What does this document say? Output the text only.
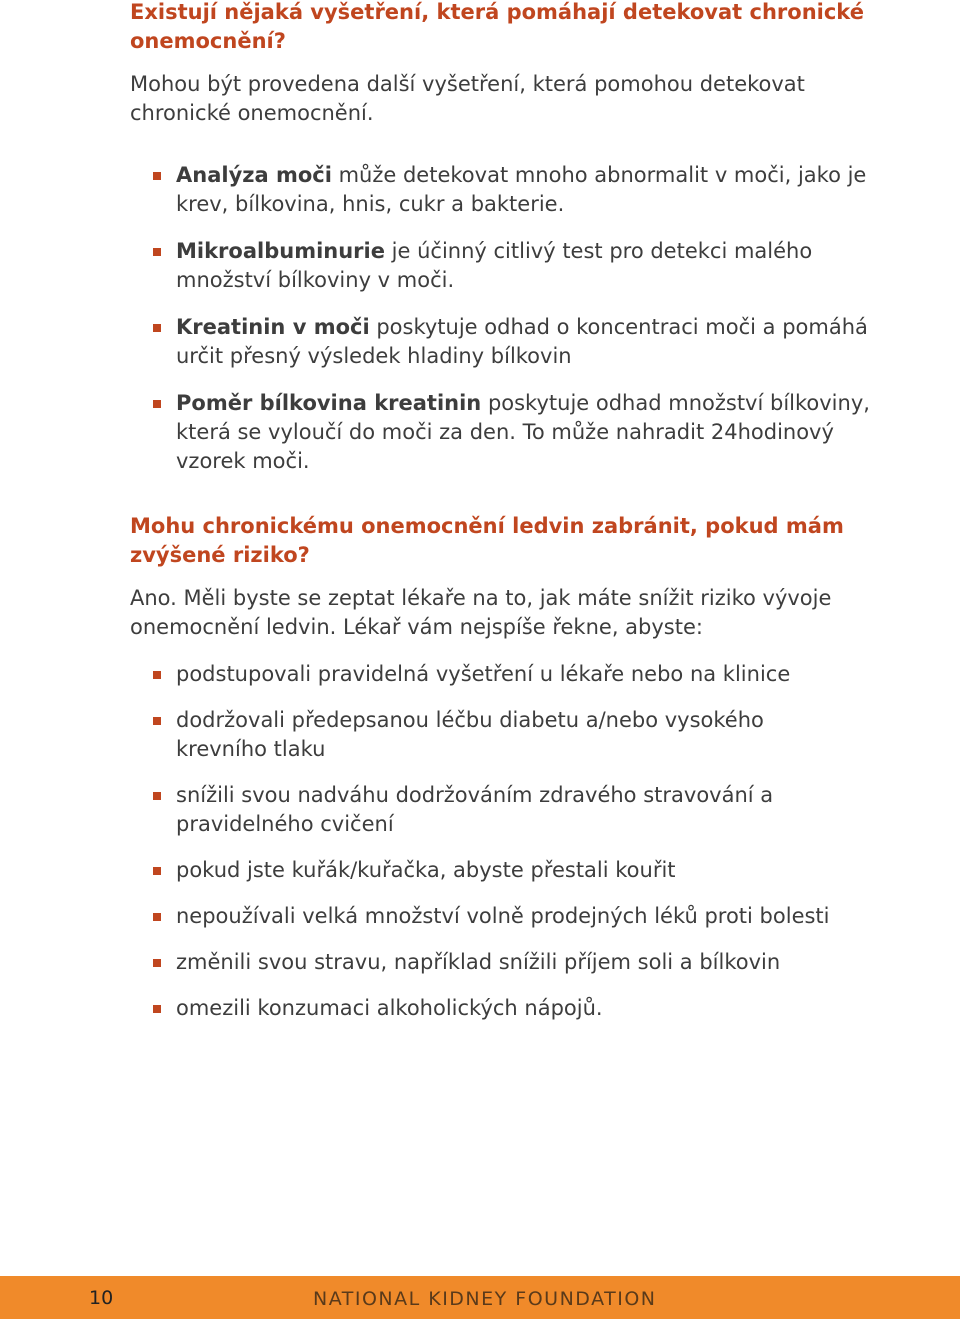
Existují nějaká vyšetření, která pomáhají detekovat chronické onemocnění?

Mohou být provedena další vyšetření, která pomohou detekovat chronické onemocnění.

Analýza moči může detekovat mnoho abnormalit v moči, jako je krev, bílkovina, hnis, cukr a bakterie.
Mikroalbuminurie je účinný citlivý test pro detekci malého množství bílkoviny v moči.
Kreatinin v moči poskytuje odhad o koncentraci moči a pomáhá určit přesný výsledek hladiny bílkovin
Poměr bílkovina kreatinin poskytuje odhad množství bílkoviny, která se vyloučí do moči za den. To může nahradit 24hodinový vzorek moči.
Mohu chronickému onemocnění ledvin zabránit, pokud mám zvýšené riziko?

Ano. Měli byste se zeptat lékaře na to, jak máte snížit riziko vývoje onemocnění ledvin. Lékař vám nejspíše řekne, abyste:

podstupovali pravidelná vyšetření u lékaře nebo na klinice
dodržovali předepsanou léčbu diabetu a/nebo vysokého krevního tlaku
snížili svou nadváhu dodržováním zdravého stravování a pravidelného cvičení
pokud jste kuřák/kuřačka, abyste přestali kouřit
nepoužívali velká množství volně prodejných léků proti bolesti
změnili svou stravu, například snížili příjem soli a bílkovin
omezili konzumaci alkoholických nápojů.
10	NATIONAL KIDNEY FOUNDATION
